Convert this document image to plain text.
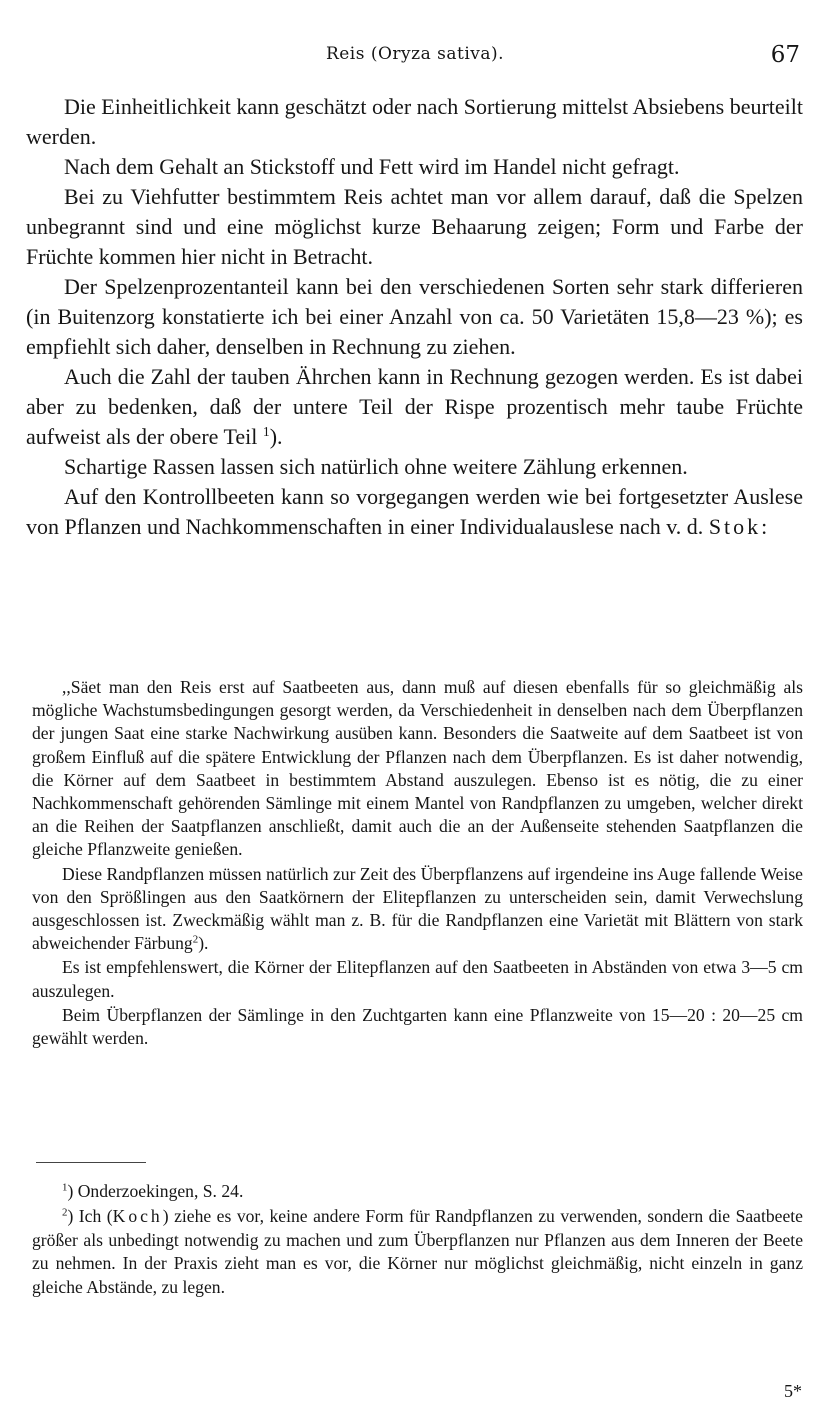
Reis (Oryza sativa).	67

Die Einheitlichkeit kann geschätzt oder nach Sortierung mittelst Absiebens beurteilt werden.

Nach dem Gehalt an Stickstoff und Fett wird im Handel nicht gefragt.

Bei zu Viehfutter bestimmtem Reis achtet man vor allem darauf, daß die Spelzen unbegrannt sind und eine möglichst kurze Behaarung zeigen; Form und Farbe der Früchte kommen hier nicht in Betracht.

Der Spelzenprozentanteil kann bei den verschiedenen Sorten sehr stark differieren (in Buitenzorg konstatierte ich bei einer Anzahl von ca. 50 Varietäten 15,8—23 %); es empfiehlt sich daher, denselben in Rechnung zu ziehen.

Auch die Zahl der tauben Ährchen kann in Rechnung gezogen werden. Es ist dabei aber zu bedenken, daß der untere Teil der Rispe prozentisch mehr taube Früchte aufweist als der obere Teil $^1$).

Schartige Rassen lassen sich natürlich ohne weitere Zählung erkennen.

Auf den Kontrollbeeten kann so vorgegangen werden wie bei fortgesetzter Auslese von Pflanzen und Nachkommenschaften in einer Individualauslese nach v. d. Stok:

,,Säet man den Reis erst auf Saatbeeten aus, dann muß auf diesen ebenfalls für so gleichmäßig als mögliche Wachstumsbedingungen gesorgt werden, da Verschiedenheit in denselben nach dem Überpflanzen der jungen Saat eine starke Nachwirkung ausüben kann. Besonders die Saatweite auf dem Saatbeet ist von großem Einfluß auf die spätere Entwicklung der Pflanzen nach dem Überpflanzen. Es ist daher notwendig, die Körner auf dem Saatbeet in bestimmtem Abstand auszulegen. Ebenso ist es nötig, die zu einer Nachkommenschaft gehörenden Sämlinge mit einem Mantel von Randpflanzen zu umgeben, welcher direkt an die Reihen der Saatpflanzen anschließt, damit auch die an der Außenseite stehenden Saatpflanzen die gleiche Pflanzweite genießen.

Diese Randpflanzen müssen natürlich zur Zeit des Überpflanzens auf irgendeine ins Auge fallende Weise von den Sprößlingen aus den Saatkörnern der Elitepflanzen zu unterscheiden sein, damit Verwechslung ausgeschlossen ist. Zweckmäßig wählt man z. B. für die Randpflanzen eine Varietät mit Blättern von stark abweichender Färbung$^2$).

Es ist empfehlenswert, die Körner der Elitepflanzen auf den Saatbeeten in Abständen von etwa 3—5 cm auszulegen.

Beim Überpflanzen der Sämlinge in den Zuchtgarten kann eine Pflanzweite von 15—20 : 20—25 cm gewählt werden.

$^1$) Onderzoekingen, S. 24.

$^2$) Ich (Koch) ziehe es vor, keine andere Form für Randpflanzen zu verwenden, sondern die Saatbeete größer als unbedingt notwendig zu machen und zum Überpflanzen nur Pflanzen aus dem Inneren der Beete zu nehmen. In der Praxis zieht man es vor, die Körner nur möglichst gleichmäßig, nicht einzeln in ganz gleiche Abstände, zu legen.

5*
